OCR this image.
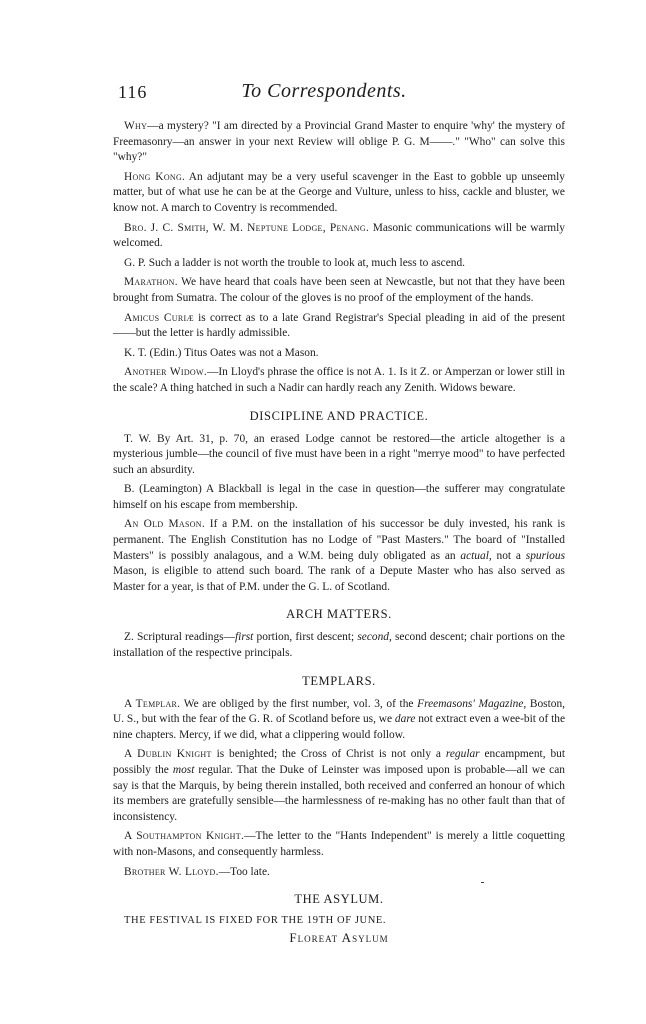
116	To Correspondents.

Why—a mystery? "I am directed by a Provincial Grand Master to enquire 'why' the mystery of Freemasonry—an answer in your next Review will oblige P. G. M——." "Who" can solve this "why?"

Hong Kong. An adjutant may be a very useful scavenger in the East to gobble up unseemly matter, but of what use he can be at the George and Vulture, unless to hiss, cackle and bluster, we know not. A march to Coventry is recommended.

Bro. J. C. Smith, W. M. Neptune Lodge, Penang. Masonic communications will be warmly welcomed.

G. P. Such a ladder is not worth the trouble to look at, much less to ascend.

Marathon. We have heard that coals have been seen at Newcastle, but not that they have been brought from Sumatra. The colour of the gloves is no proof of the employment of the hands.

Amicus Curiæ is correct as to a late Grand Registrar's Special pleading in aid of the present——but the letter is hardly admissible.

K. T. (Edin.) Titus Oates was not a Mason.

Another Widow.—In Lloyd's phrase the office is not A. 1. Is it Z. or Amperzan or lower still in the scale? A thing hatched in such a Nadir can hardly reach any Zenith. Widows beware.

DISCIPLINE AND PRACTICE.

T. W. By Art. 31, p. 70, an erased Lodge cannot be restored—the article altogether is a mysterious jumble—the council of five must have been in a right "merrye mood" to have perfected such an absurdity.

B. (Leamington) A Blackball is legal in the case in question—the sufferer may congratulate himself on his escape from membership.

An Old Mason. If a P.M. on the installation of his successor be duly invested, his rank is permanent. The English Constitution has no Lodge of "Past Masters." The board of "Installed Masters" is possibly analagous, and a W.M. being duly obligated as an actual, not a spurious Mason, is eligible to attend such board. The rank of a Depute Master who has also served as Master for a year, is that of P.M. under the G. L. of Scotland.

ARCH MATTERS.

Z. Scriptural readings—first portion, first descent; second, second descent; chair portions on the installation of the respective principals.

TEMPLARS.

A Templar. We are obliged by the first number, vol. 3, of the Freemasons' Magazine, Boston, U. S., but with the fear of the G. R. of Scotland before us, we dare not extract even a wee-bit of the nine chapters. Mercy, if we did, what a clippering would follow.

A Dublin Knight is benighted; the Cross of Christ is not only a regular encampment, but possibly the most regular. That the Duke of Leinster was imposed upon is probable—all we can say is that the Marquis, by being therein installed, both received and conferred an honour of which its members are gratefully sensible—the harmlessness of re-making has no other fault than that of inconsistency.

A Southampton Knight.—The letter to the "Hants Independent" is merely a little coquetting with non-Masons, and consequently harmless.

Brother W. Lloyd.—Too late.

THE ASYLUM.

THE FESTIVAL IS FIXED FOR THE 19TH OF JUNE.

Floreat Asylum
